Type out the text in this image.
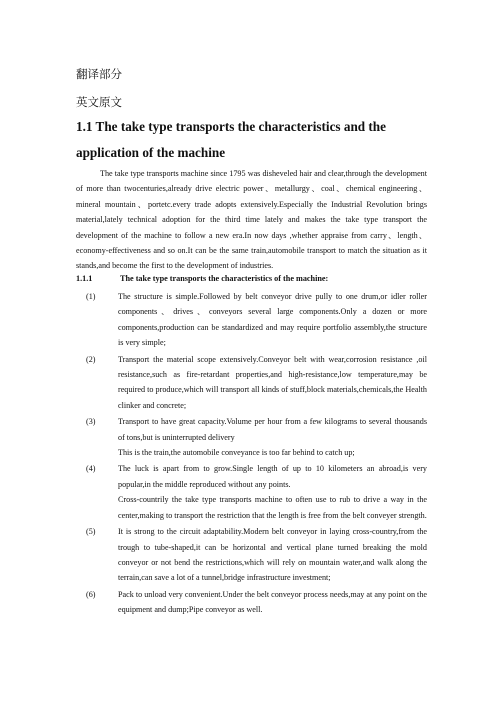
翻译部分
英文原文
1.1 The take type transports the characteristics and the application of the machine
The take type transports machine since 1795 was disheveled hair and clear,through the development of more than twocenturies,already drive electric power、metallurgy、coal、chemical engineering、mineral mountain、portetc.every trade adopts extensively.Especially the Industrial Revolution brings material,lately technical adoption for the third time lately and makes the take type transport the development of the machine to follow a new era.In now days ,whether appraise from carry、length、economy-effectiveness and so on.It can be the same train,automobile transport to match the situation as it stands,and become the first to the development of industries.
1.1.1	The take type transports the characteristics of the machine:
(1)	The structure is simple.Followed by belt conveyor drive pully to one drum,or idler roller components、drives、conveyors several large components.Only a dozen or more components,production can be standardized and may require portfolio assembly,the structure is very simple;

(2)	Transport the material scope extensively.Conveyor belt with wear,corrosion resistance ,oil resistance,such as fire-retardant properties,and high-resistance,low temperature,may be required to produce,which will transport all kinds of stuff,block materials,chemicals,the Health clinker and concrete;

(3)	Transport to have great capacity.Volume per hour from a few kilograms to several thousands of tons,but is uninterrupted delivery

This is the train,the automobile conveyance is too far behind to catch up;

(4)	The luck is apart from to grow.Single length of up to 10 kilometers an abroad,is very popular,in the middle reproduced without any points.

Cross-countrily the take type transports machine to often use to rub to drive a way in the center,making to transport the restriction that the length is free from the belt conveyer strength.

(5)	It is strong to the circuit adaptability.Modern belt conveyor in laying cross-country,from the trough to tube-shaped,it can be horizontal and vertical plane turned breaking the mold conveyor or not bend the restrictions,which will rely on mountain water,and walk along the terrain,can save a lot of a tunnel,bridge infrastructure investment;

(6)	Pack to unload very convenient.Under the belt conveyor process needs,may at any point on the equipment and dump;Pipe conveyor as well.
